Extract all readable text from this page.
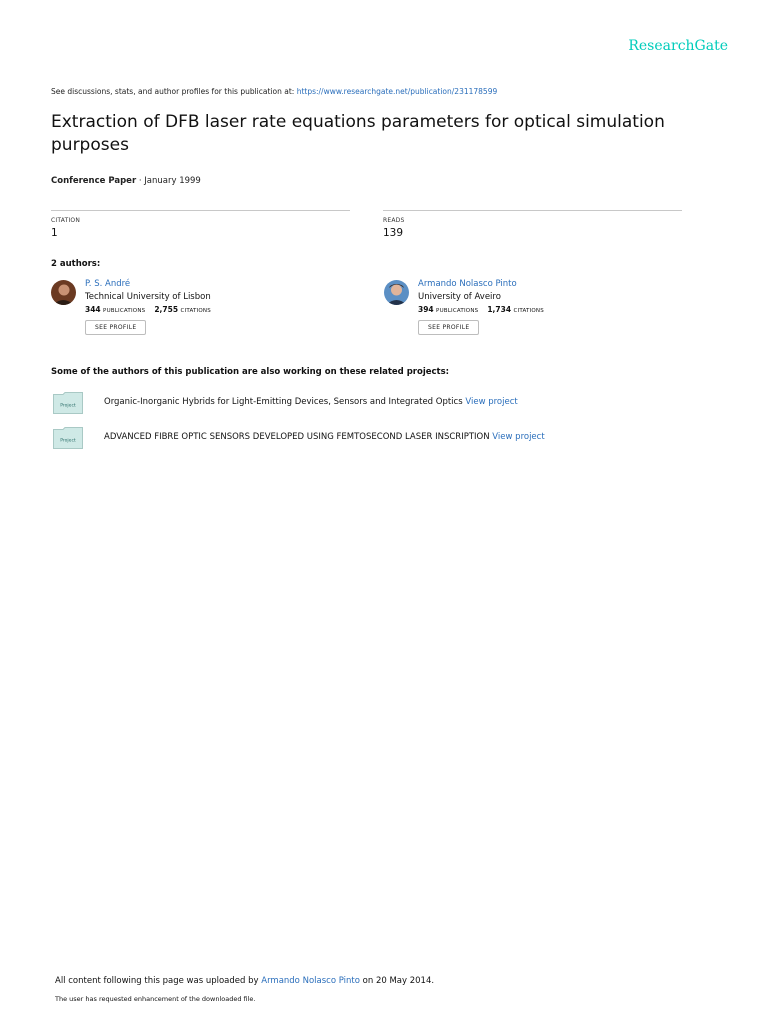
ResearchGate
See discussions, stats, and author profiles for this publication at: https://www.researchgate.net/publication/231178599
Extraction of DFB laser rate equations parameters for optical simulation purposes
Conference Paper · January 1999
CITATION
1
READS
139
2 authors:
P. S. André
Technical University of Lisbon
344 PUBLICATIONS 2,755 CITATIONS
SEE PROFILE
Armando Nolasco Pinto
University of Aveiro
394 PUBLICATIONS 1,734 CITATIONS
SEE PROFILE
Some of the authors of this publication are also working on these related projects:
Project	Organic-Inorganic Hybrids for Light-Emitting Devices, Sensors and Integrated Optics View project
Project	ADVANCED FIBRE OPTIC SENSORS DEVELOPED USING FEMTOSECOND LASER INSCRIPTION View project
All content following this page was uploaded by Armando Nolasco Pinto on 20 May 2014.
The user has requested enhancement of the downloaded file.
